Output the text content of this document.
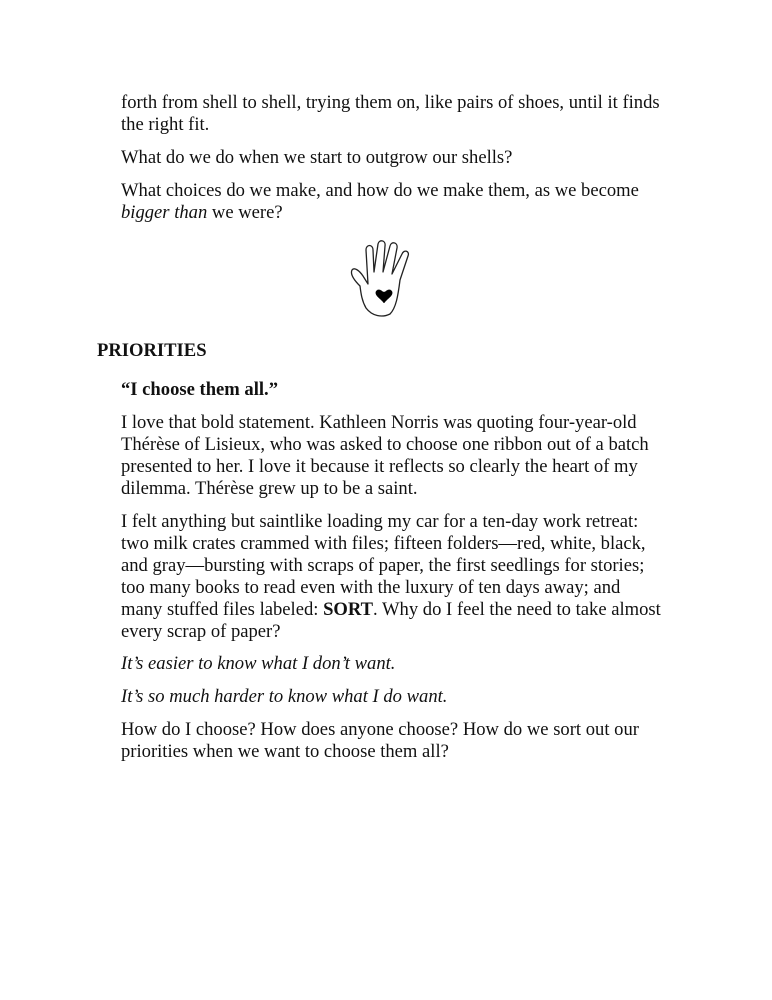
forth from shell to shell, trying them on, like pairs of shoes, until it finds
the right fit.

What do we do when we start to outgrow our shells?

What choices do we make, and how do we make them, as we become
bigger than we were?

PRIORITIES

“I choose them all.”

I love that bold statement. Kathleen Norris was quoting four-year-old
Thérèse of Lisieux, who was asked to choose one ribbon out of a batch
presented to her. I love it because it reflects so clearly the heart of my
dilemma. Thérèse grew up to be a saint.

I felt anything but saintlike loading my car for a ten-day work retreat:
two milk crates crammed with files; fifteen folders—red, white, black,
and gray—bursting with scraps of paper, the first seedlings for stories;
too many books to read even with the luxury of ten days away; and
many stuffed files labeled: SORT. Why do I feel the need to take almost
every scrap of paper?

It’s easier to know what I don’t want.

It’s so much harder to know what I do want.

How do I choose? How does anyone choose? How do we sort out our
priorities when we want to choose them all?
